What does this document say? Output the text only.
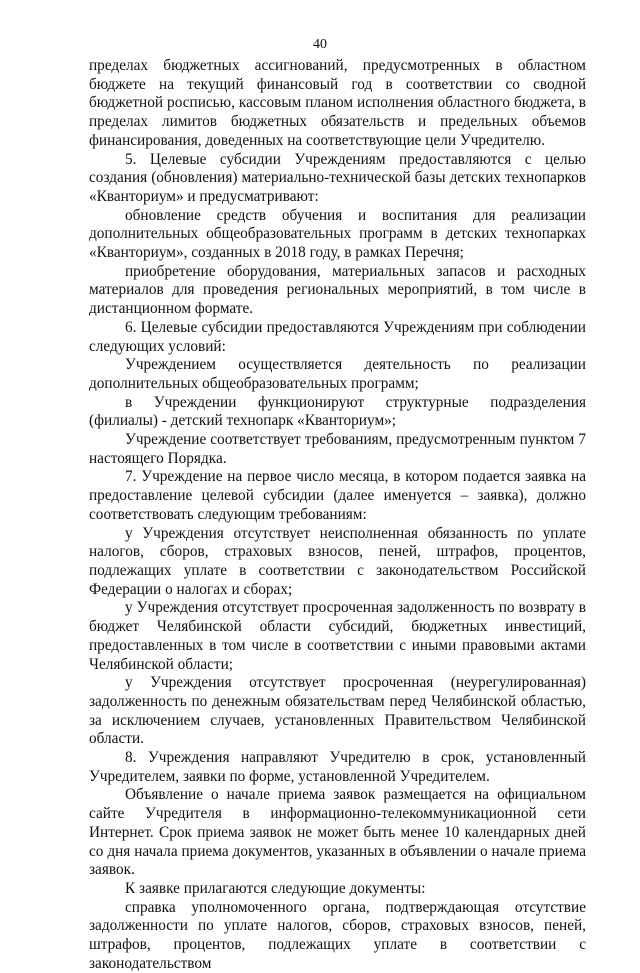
40

пределах бюджетных ассигнований, предусмотренных в областном бюджете на текущий финансовый год в соответствии со сводной бюджетной росписью, кассовым планом исполнения областного бюджета, в пределах лимитов бюджетных обязательств и предельных объемов финансирования, доведенных на соответствующие цели Учредителю.

5. Целевые субсидии Учреждениям предоставляются с целью создания (обновления) материально-технической базы детских технопарков «Кванториум» и предусматривают:

обновление средств обучения и воспитания для реализации дополнительных общеобразовательных программ в детских технопарках «Кванториум», созданных в 2018 году, в рамках Перечня;

приобретение оборудования, материальных запасов и расходных материалов для проведения региональных мероприятий, в том числе в дистанционном формате.

6. Целевые субсидии предоставляются Учреждениям при соблюдении следующих условий:

Учреждением осуществляется деятельность по реализации дополнительных общеобразовательных программ;

в Учреждении функционируют структурные подразделения (филиалы) - детский технопарк «Кванториум»;

Учреждение соответствует требованиям, предусмотренным пунктом 7 настоящего Порядка.

7. Учреждение на первое число месяца, в котором подается заявка на предоставление целевой субсидии (далее именуется – заявка), должно соответствовать следующим требованиям:

у Учреждения отсутствует неисполненная обязанность по уплате налогов, сборов, страховых взносов, пеней, штрафов, процентов, подлежащих уплате в соответствии с законодательством Российской Федерации о налогах и сборах;

у Учреждения отсутствует просроченная задолженность по возврату в бюджет Челябинской области субсидий, бюджетных инвестиций, предоставленных в том числе в соответствии с иными правовыми актами Челябинской области;

у Учреждения отсутствует просроченная (неурегулированная) задолженность по денежным обязательствам перед Челябинской областью, за исключением случаев, установленных Правительством Челябинской области.

8. Учреждения направляют Учредителю в срок, установленный Учредителем, заявки по форме, установленной Учредителем.

Объявление о начале приема заявок размещается на официальном сайте Учредителя в информационно-телекоммуникационной сети Интернет. Срок приема заявок не может быть менее 10 календарных дней со дня начала приема документов, указанных в объявлении о начале приема заявок.

К заявке прилагаются следующие документы:

справка уполномоченного органа, подтверждающая отсутствие задолженности по уплате налогов, сборов, страховых взносов, пеней, штрафов, процентов, подлежащих уплате в соответствии с законодательством
